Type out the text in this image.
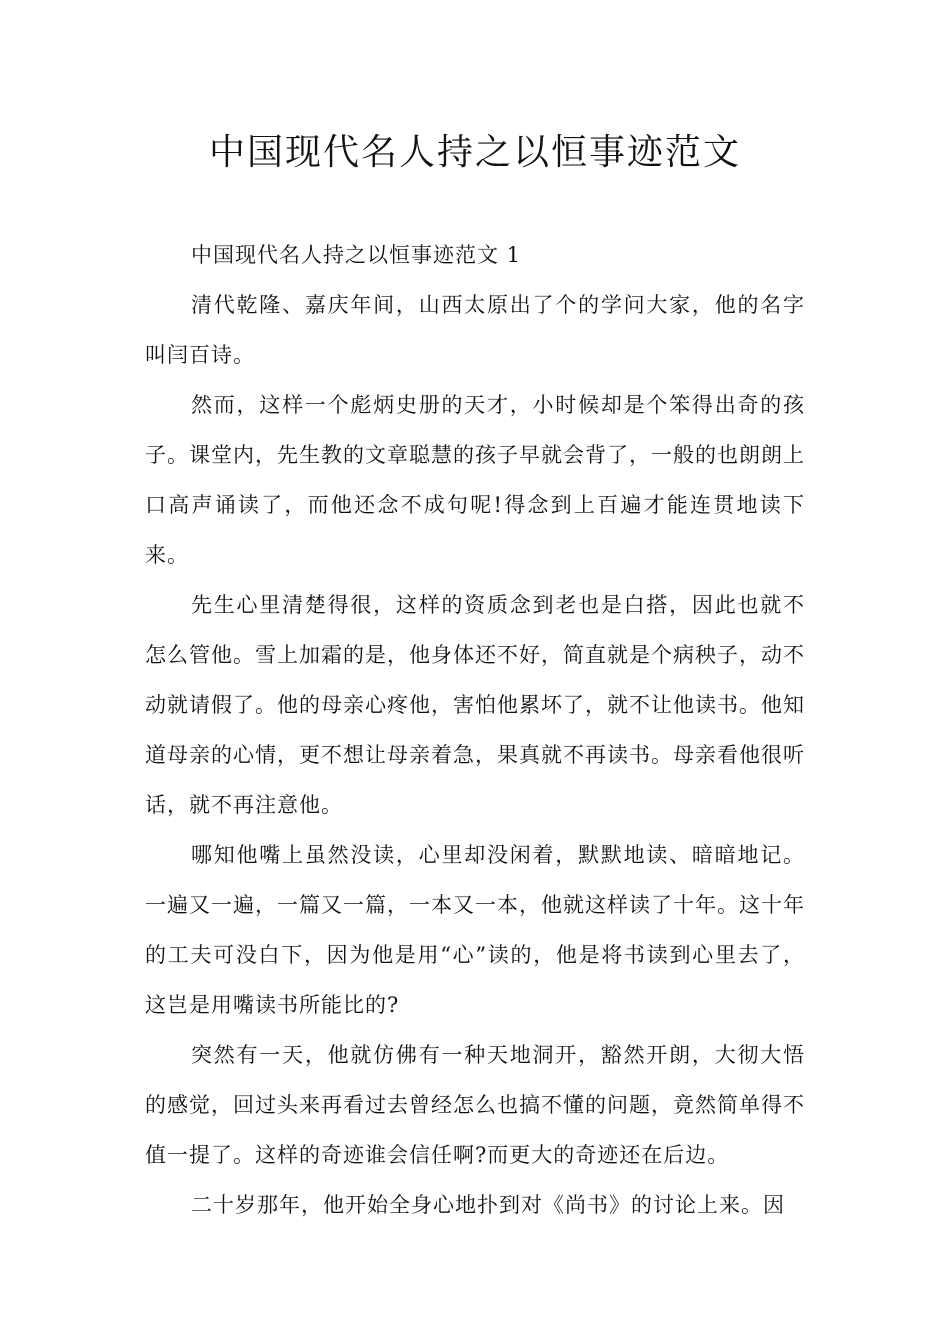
中国现代名人持之以恒事迹范文

中国现代名人持之以恒事迹范文 1

清代乾隆、嘉庆年间，山西太原出了个的学问大家，他的名字叫闫百诗。

然而，这样一个彪炳史册的天才，小时候却是个笨得出奇的孩子。课堂内，先生教的文章聪慧的孩子早就会背了，一般的也朗朗上口高声诵读了，而他还念不成句呢!得念到上百遍才能连贯地读下来。

先生心里清楚得很，这样的资质念到老也是白搭，因此也就不怎么管他。雪上加霜的是，他身体还不好，简直就是个病秧子，动不动就请假了。他的母亲心疼他，害怕他累坏了，就不让他读书。他知道母亲的心情，更不想让母亲着急，果真就不再读书。母亲看他很听话，就不再注意他。

哪知他嘴上虽然没读，心里却没闲着，默默地读、暗暗地记。一遍又一遍，一篇又一篇，一本又一本，他就这样读了十年。这十年的工夫可没白下，因为他是用“心”读的，他是将书读到心里去了，这岂是用嘴读书所能比的?

突然有一天，他就仿佛有一种天地洞开，豁然开朗，大彻大悟的感觉，回过头来再看过去曾经怎么也搞不懂的问题，竟然简单得不值一提了。这样的奇迹谁会信任啊?而更大的奇迹还在后边。

二十岁那年，他开始全身心地扑到对《尚书》的讨论上来。因
